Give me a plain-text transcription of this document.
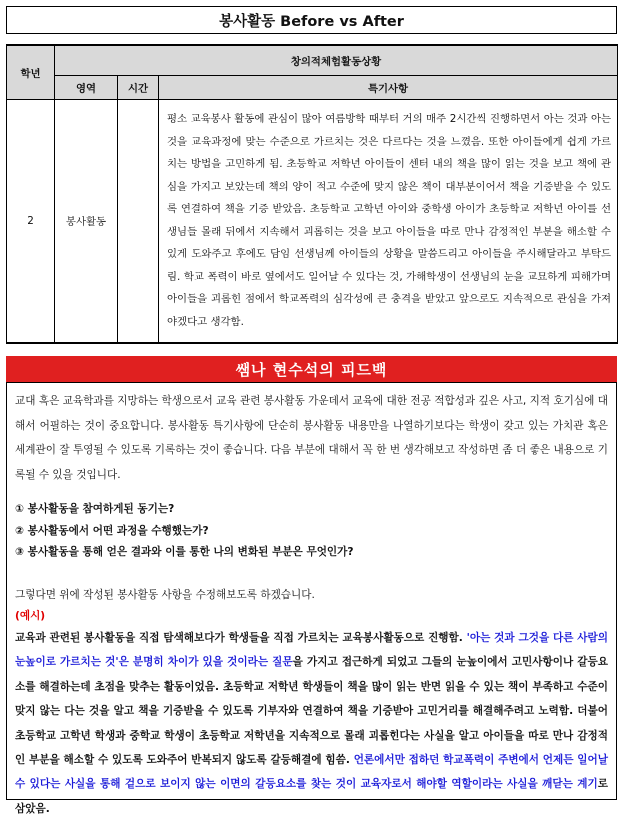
봉사활동 Before vs After
학년	창의적체험활동상황		
	영역	시간	특기사항
2	봉사활동		평소 교육봉사 활동에 관심이 많아 여름방학 때부터 거의 매주 2시간씩 진행하면서 아는 것과 아는 것을 교육과정에 맞는 수준으로 가르치는 것은 다르다는 것을 느꼈음. 또한 아이들에게 쉽게 가르치는 방법을 고민하게 됨. 초등학교 저학년 아이들이 센터 내의 책을 많이 읽는 것을 보고 책에 관심을 가지고 보았는데 책의 양이 적고 수준에 맞지 않은 책이 대부분이어서 책을 기증받을 수 있도록 연결하여 책을 기증 받았음. 초등학교 고학년 아이와 중학생 아이가 초등학교 저학년 아이를 선생님들 몰래 뒤에서 지속해서 괴롭히는 것을 보고 아이들을 따로 만나 감정적인 부분을 해소할 수 있게 도와주고 후에도 담임 선생님께 아이들의 상황을 말씀드리고 아이들을 주시해달라고 부탁드림. 학교 폭력이 바로 옆에서도 일어날 수 있다는 것, 가해학생이 선생님의 눈을 교묘하게 피해가며 아이들을 괴롭힌 점에서 학교폭력의 심각성에 큰 충격을 받았고 앞으로도 지속적으로 관심을 가져야겠다고 생각함.
쌤나 현수석의 피드백

교대 혹은 교육학과를 지망하는 학생으로서 교육 관련 봉사활동 가운데서 교육에 대한 전공 적합성과 깊은 사고, 지적 호기심에 대해서 어필하는 것이 중요합니다. 봉사활동 특기사항에 단순히 봉사활동 내용만을 나열하기보다는 학생이 갖고 있는 가치관 혹은 세계관이 잘 투영될 수 있도록 기록하는 것이 좋습니다. 다음 부분에 대해서 꼭 한 번 생각해보고 작성하면 좀 더 좋은 내용으로 기록될 수 있을 것입니다.

① 봉사활동을 참여하게된 동기는?

② 봉사활동에서 어떤 과정을 수행했는가?

③ 봉사활동을 통해 얻은 결과와 이를 통한 나의 변화된 부분은 무엇인가?

그렇다면 위에 작성된 봉사활동 사항을 수정해보도록 하겠습니다.

(예시)

교육과 관련된 봉사활동을 직접 탐색해보다가 학생들을 직접 가르치는 교육봉사활동으로 진행함. '아는 것과 그것을 다른 사람의 눈높이로 가르치는 것'은 분명히 차이가 있을 것이라는 질문을 가지고 접근하게 되었고 그들의 눈높이에서 고민사항이나 갈등요소를 해결하는데 초점을 맞추는 활동이었음. 초등학교 저학년 학생들이 책을 많이 읽는 반면 읽을 수 있는 책이 부족하고 수준이 맞지 않는 다는 것을 알고 책을 기증받을 수 있도록 기부자와 연결하여 책을 기증받아 고민거리를 해결해주려고 노력함. 더불어 초등학교 고학년 학생과 중학교 학생이 초등학교 저학년을 지속적으로 몰래 괴롭힌다는 사실을 알고 아이들을 따로 만나 감정적인 부분을 해소할 수 있도록 도와주어 반복되지 않도록 갈등해결에 힘씀. 언론에서만 접하던 학교폭력이 주변에서 언제든 일어날 수 있다는 사실을 통해 겉으로 보이지 않는 이면의 갈등요소를 찾는 것이 교육자로서 해야할 역할이라는 사실을 깨닫는 계기로 삼았음.
